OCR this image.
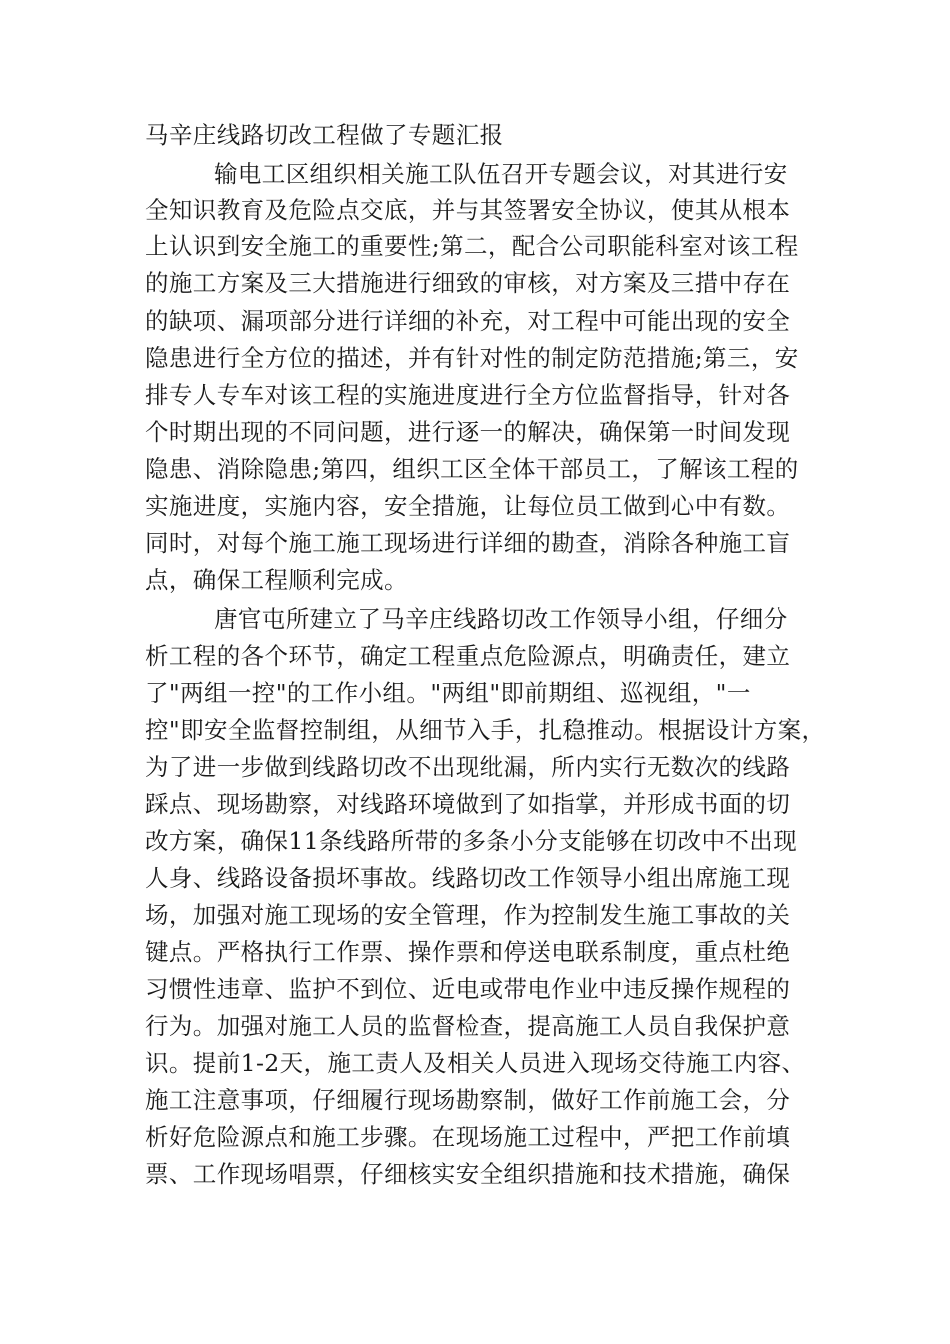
马辛庄线路切改工程做了专题汇报

输电工区组织相关施工队伍召开专题会议，对其进行安

全知识教育及危险点交底，并与其签署安全协议，使其从根本

上认识到安全施工的重要性;第二，配合公司职能科室对该工程

的施工方案及三大措施进行细致的审核，对方案及三措中存在

的缺项、漏项部分进行详细的补充，对工程中可能出现的安全

隐患进行全方位的描述，并有针对性的制定防范措施;第三，安

排专人专车对该工程的实施进度进行全方位监督指导，针对各

个时期出现的不同问题，进行逐一的解决，确保第一时间发现

隐患、消除隐患;第四，组织工区全体干部员工，了解该工程的

实施进度，实施内容，安全措施，让每位员工做到心中有数。

同时，对每个施工施工现场进行详细的勘查，消除各种施工盲

点，确保工程顺利完成。

唐官屯所建立了马辛庄线路切改工作领导小组，仔细分

析工程的各个环节，确定工程重点危险源点，明确责任，建立

了"两组一控"的工作小组。"两组"即前期组、巡视组，"一

控"即安全监督控制组，从细节入手，扎稳推动。根据设计方案，

为了进一步做到线路切改不出现纰漏，所内实行无数次的线路

踩点、现场勘察，对线路环境做到了如指掌，并形成书面的切

改方案，确保11条线路所带的多条小分支能够在切改中不出现

人身、线路设备损坏事故。线路切改工作领导小组出席施工现

场，加强对施工现场的安全管理，作为控制发生施工事故的关

键点。严格执行工作票、操作票和停送电联系制度，重点杜绝

习惯性违章、监护不到位、近电或带电作业中违反操作规程的

行为。加强对施工人员的监督检查，提高施工人员自我保护意

识。提前1-2天，施工责人及相关人员进入现场交待施工内容、

施工注意事项，仔细履行现场勘察制，做好工作前施工会，分

析好危险源点和施工步骤。在现场施工过程中，严把工作前填

票、工作现场唱票，仔细核实安全组织措施和技术措施，确保
